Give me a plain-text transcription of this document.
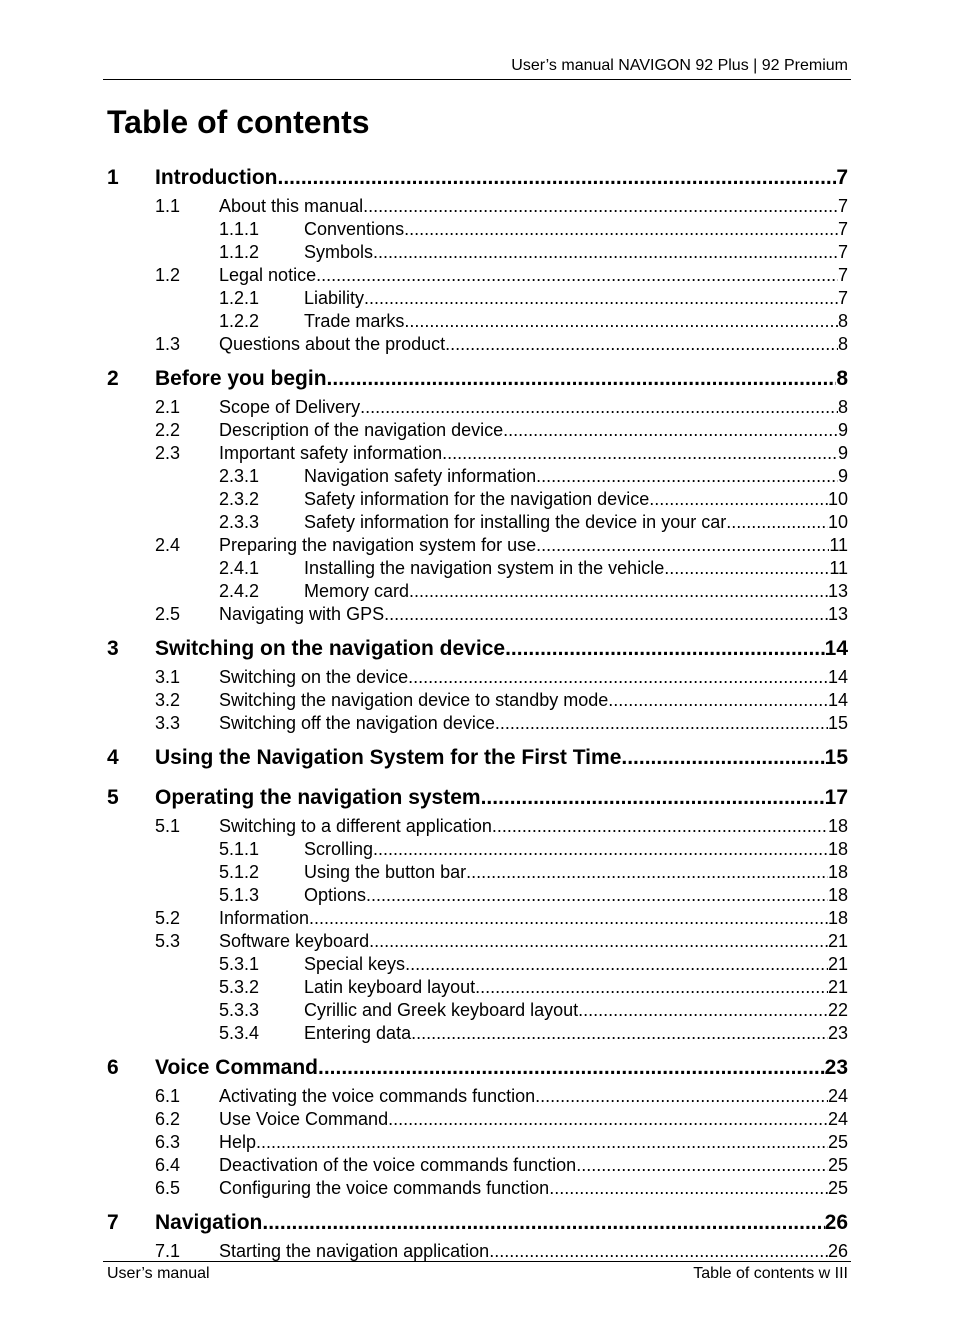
User’s manual NAVIGON 92 Plus | 92 Premium
Table of contents
1 Introduction .....	7
1.1 About this manual .....	7
1.1.1 Conventions .....	7
1.1.2 Symbols .....	7
1.2 Legal notice .....	7
1.2.1 Liability .....	7
1.2.2 Trade marks .....	8
1.3 Questions about the product .....	8
2 Before you begin .....	8
2.1 Scope of Delivery .....	8
2.2 Description of the navigation device .....	9
2.3 Important safety information .....	9
2.3.1 Navigation safety information .....	9
2.3.2 Safety information for the navigation device .....	10
2.3.3 Safety information for installing the device in your car .....	10
2.4 Preparing the navigation system for use .....	11
2.4.1 Installing the navigation system in the vehicle .....	11
2.4.2 Memory card .....	13
2.5 Navigating with GPS .....	13
3 Switching on the navigation device .....	14
3.1 Switching on the device .....	14
3.2 Switching the navigation device to standby mode .....	14
3.3 Switching off the navigation device .....	15
4 Using the Navigation System for the First Time .....	15
5 Operating the navigation system .....	17
5.1 Switching to a different application .....	18
5.1.1 Scrolling .....	18
5.1.2 Using the button bar .....	18
5.1.3 Options .....	18
5.2 Information .....	18
5.3 Software keyboard .....	21
5.3.1 Special keys .....	21
5.3.2 Latin keyboard layout .....	21
5.3.3 Cyrillic and Greek keyboard layout .....	22
5.3.4 Entering data .....	23
6 Voice Command .....	23
6.1 Activating the voice commands function .....	24
6.2 Use Voice Command .....	24
6.3 Help .....	25
6.4 Deactivation of the voice commands function .....	25
6.5 Configuring the voice commands function .....	25
7 Navigation .....	26
7.1 Starting the navigation application .....	26
User’s manual	Table of contents w III
